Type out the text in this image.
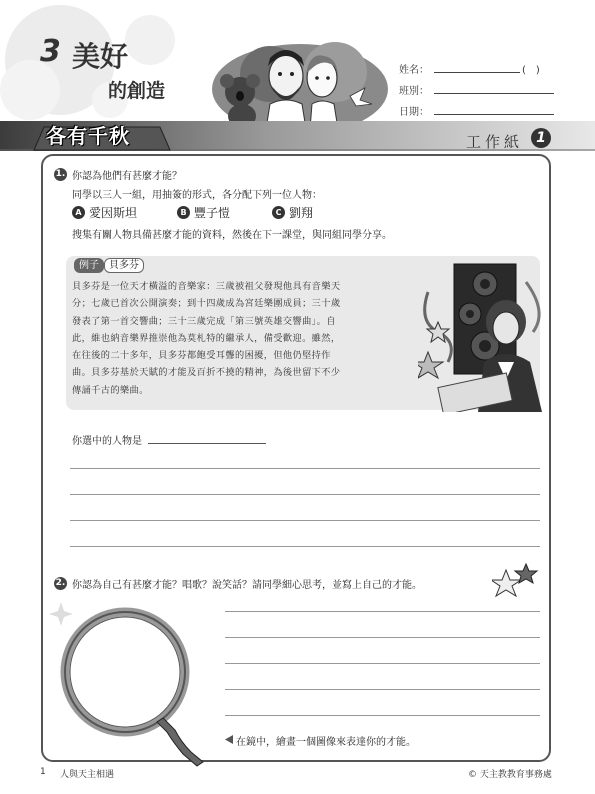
3 美好
的創造
姓名：	(　)
班別：
日期：
各有千秋	工作紙 1
1. 你認為他們有甚麼才能？
同學以三人一組，用抽簽的形式，各分配下列一位人物：
A 愛因斯坦	B 豐子愷	C 劉翔
搜集有關人物具備甚麼才能的資料，然後在下一課堂，與同組同學分享。
例子	貝多芬
貝多芬是一位天才橫溢的音樂家：三歲被祖父發現他具有音樂天
分；七歲已首次公開演奏；到十四歲成為宮廷樂團成員；三十歲
發表了第一首交響曲；三十三歲完成「第三號英雄交響曲」。自
此，維也納音樂界推崇他為莫札特的繼承人，備受歡迎。雖然，
在往後的二十多年，貝多芬都飽受耳聾的困擾，但他仍堅持作
曲。貝多芬基於天賦的才能及百折不撓的精神，為後世留下不少
傳誦千古的樂曲。
你選中的人物是
2. 你認為自己有甚麼才能？唱歌？說笑話？請同學細心思考，並寫上自己的才能。
在鏡中，繪畫一個圖像來表達你的才能。
1 人與天主相遇	© 天主教教育事務處
